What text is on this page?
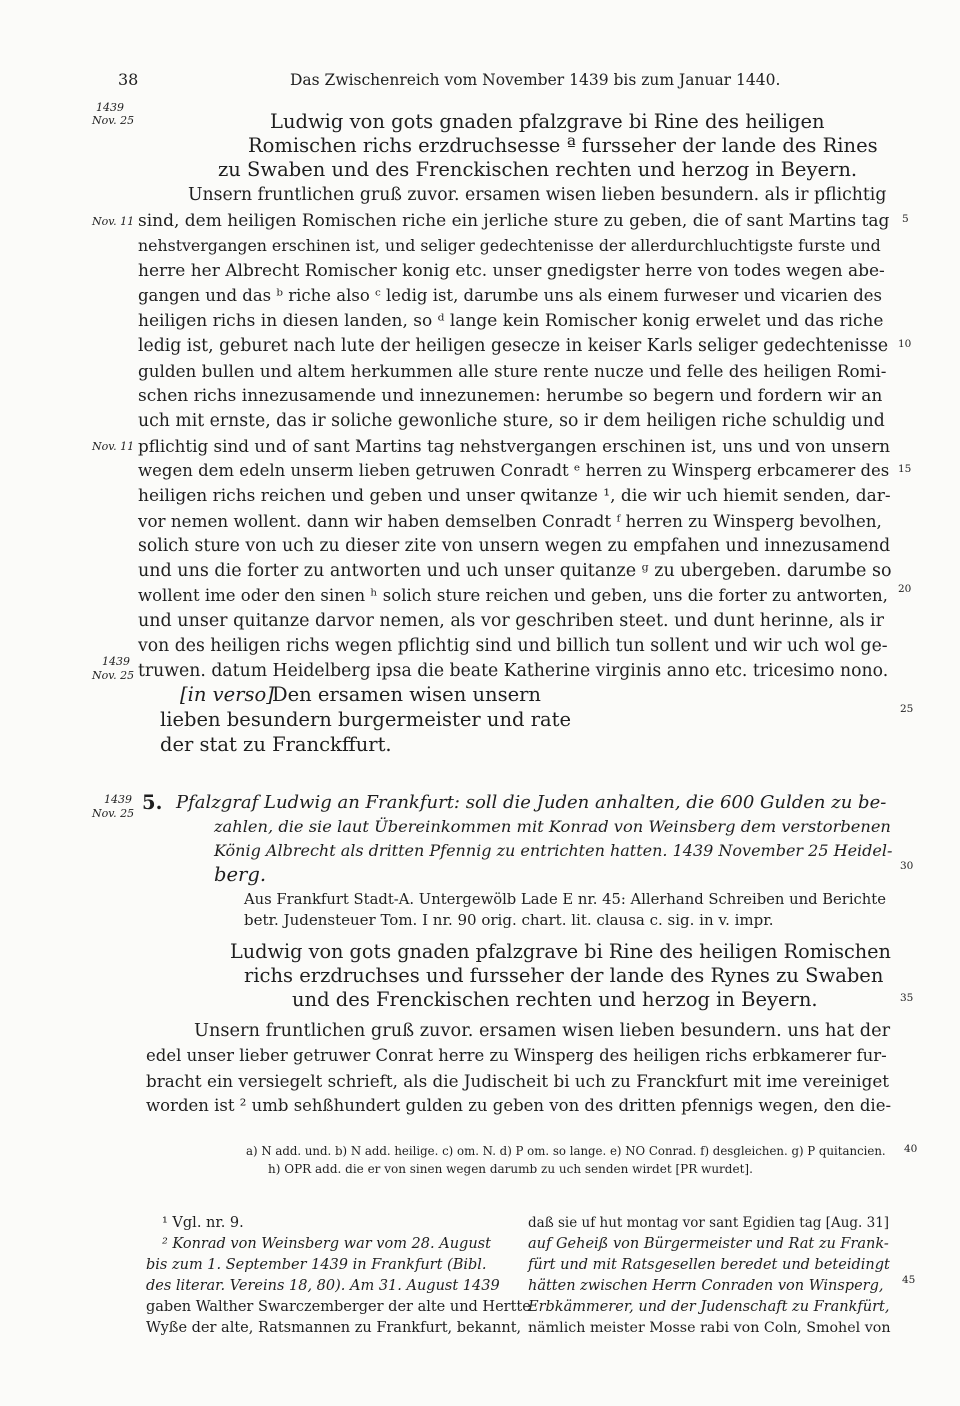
38	Das Zwischenreich vom November 1439 bis zum Januar 1440.
1439
Nov. 25	Ludwig von gots gnaden pfalzgrave bi Rine des heiligen
Romischen richs erzdruchsesse ª fursseher der lande des Rines
zu Swaben und des Frenckischen rechten und herzog in Beyern.
Unsern fruntlichen gruß zuvor. ersamen wisen lieben besundern. als ir pflichtig
sind, dem heiligen Romischen riche ein jerliche sture zu geben, die of sant Martins tag
nehstvergangen erschinen ist, und seliger gedechtenisse der allerdurchluchtigste furste und
herre her Albrecht Romischer konig etc. unser gnedigster herre von todes wegen abe-
gangen und das ᵇ riche also ᶜ ledig ist, darumbe uns als einem furweser und vicarien des
heiligen richs in diesen landen, so ᵈ lange kein Romischer konig erwelet und das riche
ledig ist, geburet nach lute der heiligen gesecze in keiser Karls seliger gedechtenisse
gulden bullen und altem herkummen alle sture rente nucze und felle des heiligen Romi-
schen richs innezusamende und innezunemen: herumbe so begern und fordern wir an
uch mit ernste, das ir soliche gewonliche sture, so ir dem heiligen riche schuldig und
pflichtig sind und of sant Martins tag nehstvergangen erschinen ist, uns und von unsern
wegen dem edeln unserm lieben getruwen Conradt ᵉ herren zu Winsperg erbcamerer des
heiligen richs reichen und geben und unser qwitanze ¹, die wir uch hiemit senden, dar-
vor nemen wollent. dann wir haben demselben Conradt ᶠ herren zu Winsperg bevolhen,
solich sture von uch zu dieser zite von unsern wegen zu empfahen und innezusamend
und uns die forter zu antworten und uch unser quitanze ᵍ zu ubergeben. darumbe so
wollent ime oder den sinen ʰ solich sture reichen und geben, uns die forter zu antworten,
und unser quitanze darvor nemen, als vor geschriben steet. und dunt herinne, als ir
von des heiligen richs wegen pflichtig sind und billich tun sollent und wir uch wol ge-
truwen. datum Heidelberg ipsa die beate Katherine virginis anno etc. tricesimo nono.
Nov. 11
Nov. 11
1439
Nov. 25
[in verso]
Den ersamen wisen unsern
lieben besundern burgermeister und rate
der stat zu Franckffurt.
1439
Nov. 25 5. Pfalzgraf Ludwig an Frankfurt: soll die Juden anhalten, die 600 Gulden zu be-
zahlen, die sie laut Übereinkommen mit Konrad von Weinsberg dem verstorbenen
König Albrecht als dritten Pfennig zu entrichten hatten. 1439 November 25 Heidel-
berg.
Aus Frankfurt Stadt-A. Untergewölb Lade E nr. 45: Allerhand Schreiben und Berichte
betr. Judensteuer Tom. I nr. 90 orig. chart. lit. clausa c. sig. in v. impr.
Ludwig von gots gnaden pfalzgrave bi Rine des heiligen Romischen
richs erzdruchses und fursseher der lande des Rynes zu Swaben
und des Frenckischen rechten und herzog in Beyern.
Unsern fruntlichen gruß zuvor. ersamen wisen lieben besundern. uns hat der
edel unser lieber getruwer Conrat herre zu Winsperg des heiligen richs erbkamerer fur-
bracht ein versiegelt schrieft, als die Judischeit bi uch zu Franckfurt mit ime vereiniget
worden ist ² umb sehßhundert gulden zu geben von des dritten pfennigs wegen, den die-
5
10
15
20
25
30
35
40
45
a) N add. und. b) N add. heilige. c) om. N. d) P om. so lange. e) NO Conrad. f) desgleichen. g) P quitancien.
h) OPR add. die er von sinen wegen darumb zu uch senden wirdet [PR wurdet].
¹ Vgl. nr. 9.
² Konrad von Weinsberg war vom 28. August
bis zum 1. September 1439 in Frankfurt (Bibl.
des literar. Vereins 18, 80). Am 31. August 1439
gaben Walther Swarczemberger der alte und Hertte
Wyße der alte, Ratsmannen zu Frankfurt, bekannt,
daß sie uf hut montag vor sant Egidien tag [Aug. 31]
auf Geheiß von Bürgermeister und Rat zu Frank-
fürt und mit Ratsgesellen beredet und beteidingt
hätten zwischen Herrn Conraden von Winsperg,
Erbkämmerer, und der Judenschaft zu Frankfürt,
nämlich meister Mosse rabi von Coln, Smohel von
